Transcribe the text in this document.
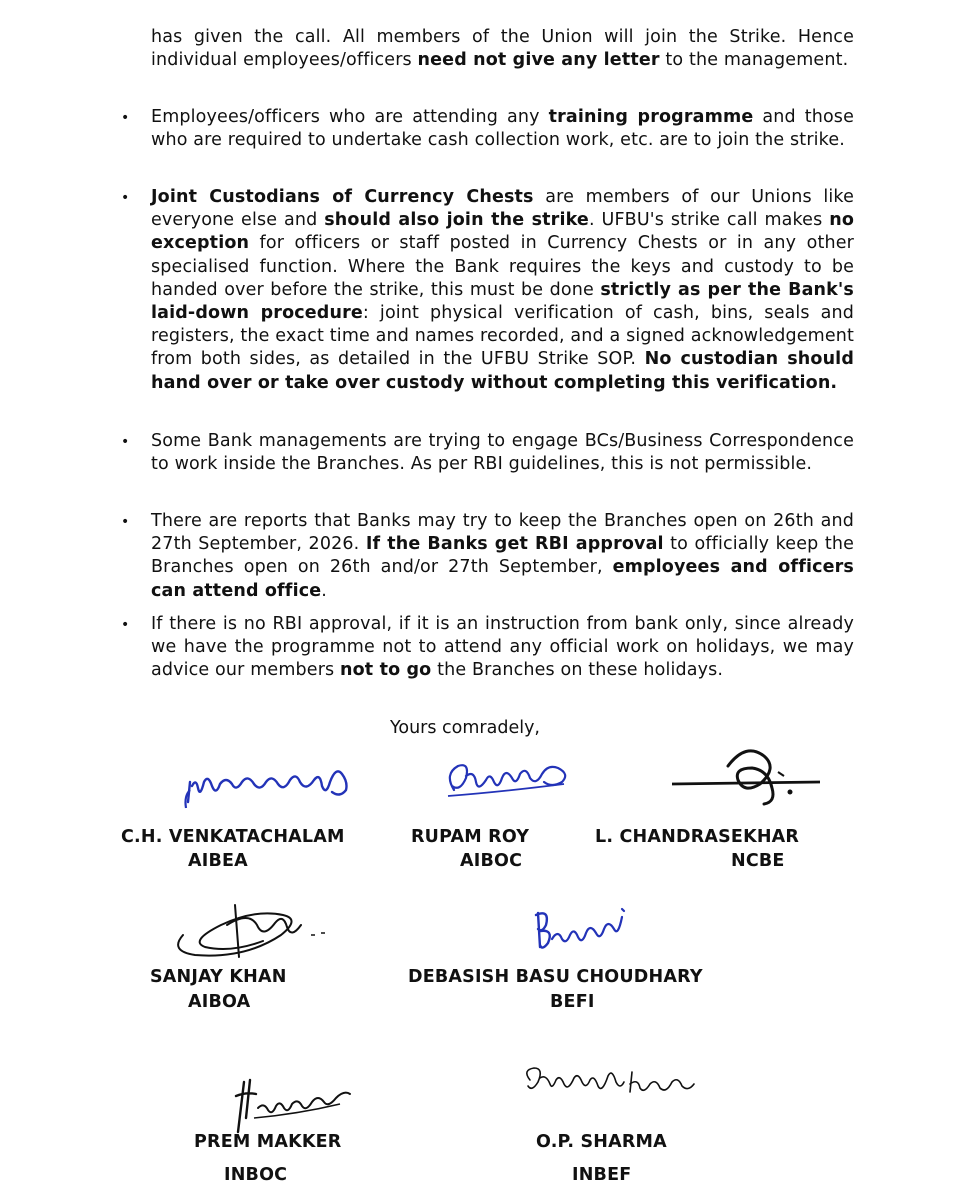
has given the call. All members of the Union will join the Strike. Hence individual employees/officers need not give any letter to the management.
• Employees/officers who are attending any training programme and those who are required to undertake cash collection work, etc. are to join the strike.
• Joint Custodians of Currency Chests are members of our Unions like everyone else and should also join the strike. UFBU's strike call makes no exception for officers or staff posted in Currency Chests or in any other specialised function. Where the Bank requires the keys and custody to be handed over before the strike, this must be done strictly as per the Bank's laid-down procedure: joint physical verification of cash, bins, seals and registers, the exact time and names recorded, and a signed acknowledgement from both sides, as detailed in the UFBU Strike SOP. No custodian should hand over or take over custody without completing this verification.
• Some Bank managements are trying to engage BCs/Business Correspondence to work inside the Branches. As per RBI guidelines, this is not permissible.
• There are reports that Banks may try to keep the Branches open on 26th and 27th September, 2026. If the Banks get RBI approval to officially keep the Branches open on 26th and/or 27th September, employees and officers can attend office.
• If there is no RBI approval, if it is an instruction from bank only, since already we have the programme not to attend any official work on holidays, we may advice our members not to go the Branches on these holidays.
Yours comradely,
C.H. VENKATACHALAM
AIBEA
RUPAM ROY
AIBOC
L. CHANDRASEKHAR
NCBE
SANJAY KHAN
AIBOA
DEBASISH BASU CHOUDHARY
BEFI
PREM MAKKER
INBOC
O.P. SHARMA
INBEF
